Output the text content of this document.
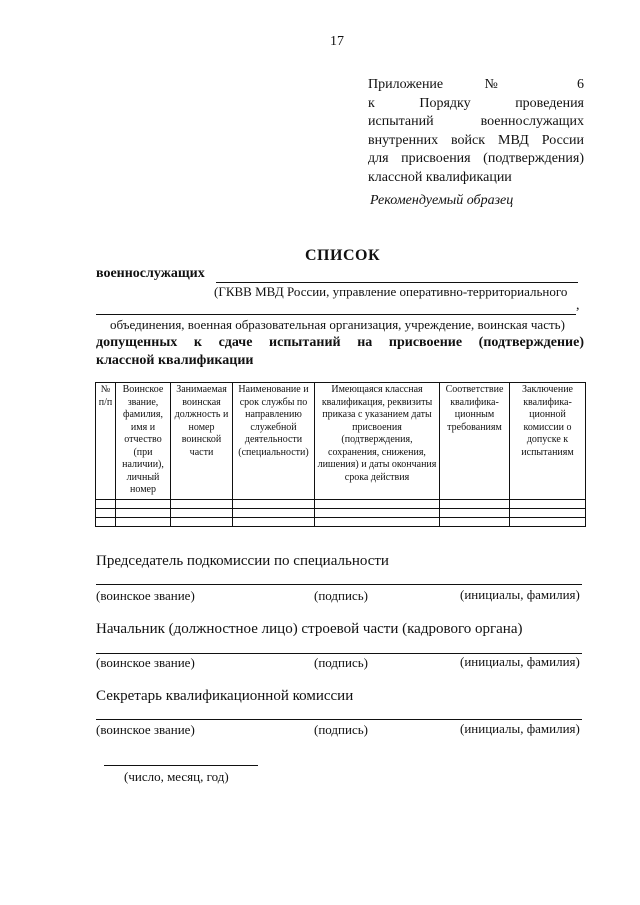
17
Приложение № 6
к Порядку проведения
испытаний военнослужащих
внутренних войск МВД России
для присвоения (подтверждения)
классной квалификации
Рекомендуемый образец
СПИСОК
военнослужащих
(ГКВВ МВД России, управление оперативно-территориального
,
объединения, военная образовательная организация, учреждение, воинская часть)
допущенных к сдаче испытаний на присвоение (подтверждение)
классной квалификации
№ п/п	Воинское звание, фамилия, имя и отчество (при наличии), личный номер	Занимаемая воинская должность и номер воинской части	Наименование и срок службы по направлению служебной деятельности (специальности)	Имеющаяся классная квалификация, реквизиты приказа с указанием даты присвоения (подтверждения, сохранения, снижения, лишения) и даты окончания срока действия	Соответствие квалифика-ционным требованиям	Заключение квалифика-ционной комиссии о допуске к испытаниям

Председатель подкомиссии по специальности
(воинское звание)	(подпись)	(инициалы, фамилия)
Начальник (должностное лицо) строевой части (кадрового органа)
(воинское звание)	(подпись)	(инициалы, фамилия)
Секретарь квалификационной комиссии
(воинское звание)	(подпись)	(инициалы, фамилия)
(число, месяц, год)
